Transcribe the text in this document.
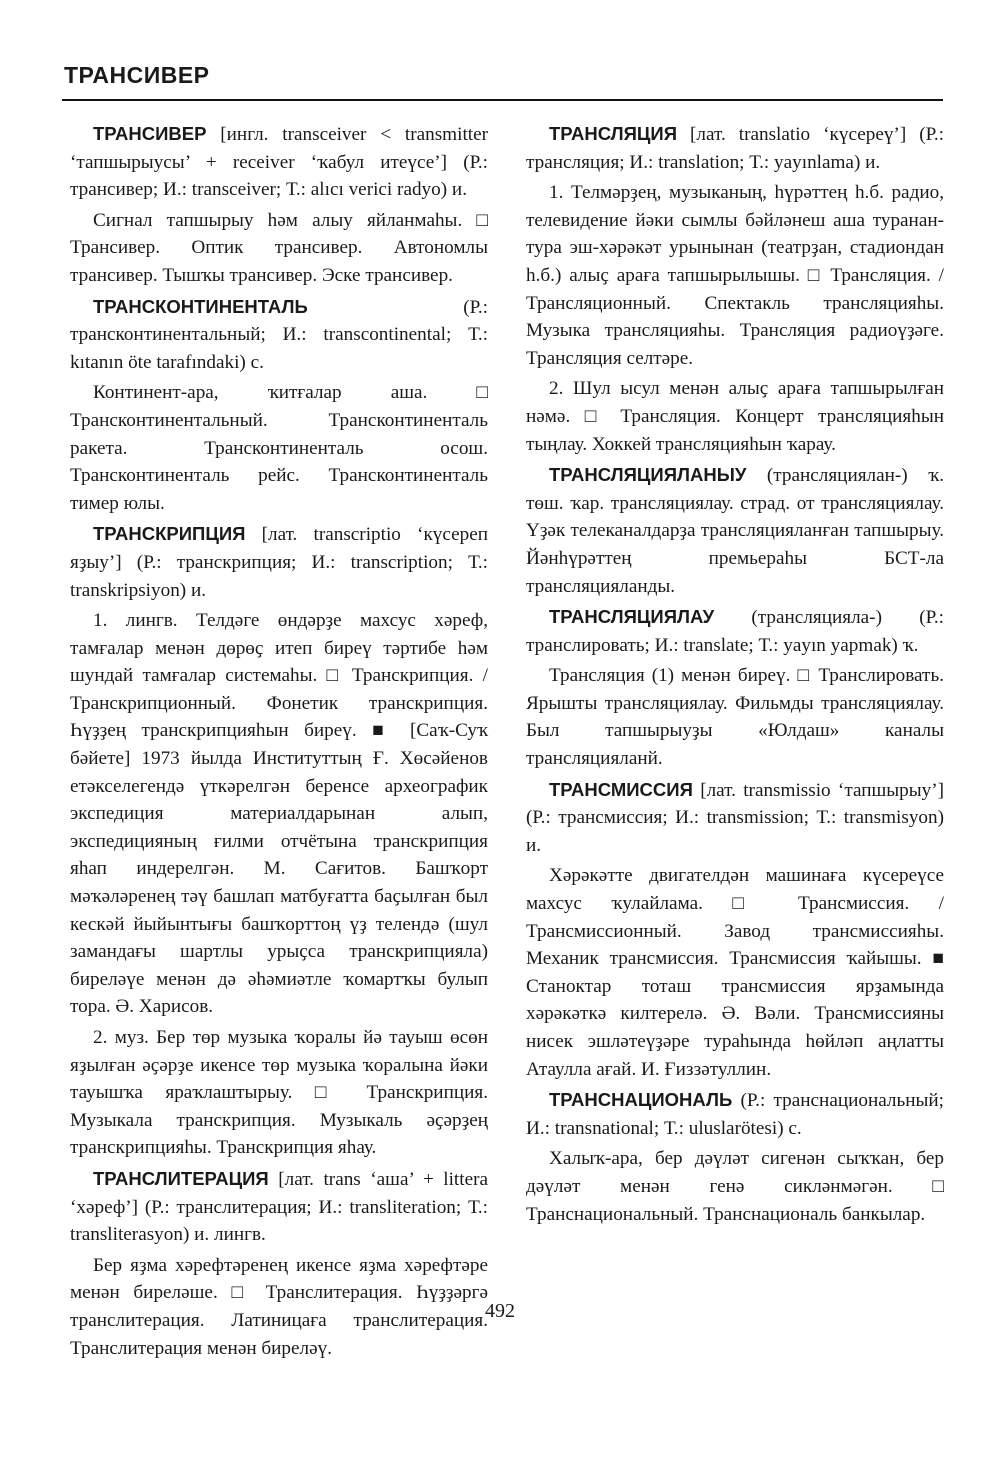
ТРАНСИВЕР

ТРАНСИВЕР [ингл. transceiver < transmitter ‘тапшырыусы’ + receiver ‘ҡабул итеүсе’] (Р.: трансивер; И.: transceiver; Т.: alıcı verici radyo) и.

Сигнал тапшырыу һәм алыу яйланмаһы. □ Трансивер. Оптик трансивер. Автономлы трансивер. Тышҡы трансивер. Эске трансивер.

ТРАНСКОНТИНЕНТАЛЬ	(Р.: трансконтинентальный; И.: transcontinental; Т.: kıtanın öte tarafındaki) с.

Континент-ара, ҡитғалар аша. □ Трансконтинентальный. Трансконтиненталь ракета. Трансконтиненталь осош. Трансконтиненталь рейс. Трансконтиненталь тимер юлы.

ТРАНСКРИПЦИЯ [лат. transcriptio ‘күсереп яҙыу’] (Р.: транскрипция; И.: transcription; Т.: transkripsiyon) и.

1. лингв. Телдәге өндәрҙе махсус хәреф, тамғалар менән дөрөҫ итеп биреү тәртибе һәм шундай тамғалар системаһы. □ Транскрипция. / Транскрипционный. Фонетик транскрипция. Һүҙҙең транскрипцияһын биреү. ■ [Саҡ-Суҡ бәйете] 1973 йылда Институттың Ғ. Хөсәйенов етәкселегендә үткәрелгән беренсе археографик экспедиция материалдарынан алып, экспедицияның ғилми отчётына транскрипция яһап индерелгән. М. Сағитов. Башҡорт мәҡәләренең тәү башлап матбуғатта баҫылған был кескәй йыйынтығы башҡорттоң үҙ телендә (шул замандағы шартлы урыҫса транскрипцияла) биреләүе менән дә әһәмиәтле ҡомартҡы булып тора. Ә. Харисов.

2. муз. Бер төр музыка ҡоралы йә тауыш өсөн яҙылған әҫәрҙе икенсе төр музыка ҡоралына йәки тауышҡа яраҡлаштырыу. □ Транскрипция. Музыкала транскрипция. Музыкаль әҫәрҙең транскрипцияһы. Транскрипция яһау.

ТРАНСЛИТЕРАЦИЯ [лат. trans ‘аша’ + littera ‘хәреф’] (Р.: транслитерация; И.: transliteration; Т.: transliterasyon) и. лингв.

Бер яҙма хәрефтәренең икенсе яҙма хәрефтәре менән биреләше. □ Транслитерация. Һүҙҙәргә транслитерация. Латиницаға транслитерация. Транслитерация менән биреләү.

ТРАНСЛЯЦИЯ [лат. translatio ‘күсереү’] (Р.: трансляция; И.: translation; Т.: yayınlama) и.

1. Телмәрҙең, музыканың, һүрәттең һ.б. радио, телевидение йәки сымлы бәйләнеш аша туранан-тура эш-хәрәкәт урынынан (театрҙан, стадиондан һ.б.) алыҫ араға тапшырылышы. □ Трансляция. / Трансляционный. Спектакль трансляцияһы. Музыка трансляцияһы. Трансляция радиоүҙәге. Трансляция селтәре.

2. Шул ысул менән алыҫ араға тапшырылған нәмә. □ Трансляция. Концерт трансляцияһын тыңлау. Хоккей трансляцияһын ҡарау.

ТРАНСЛЯЦИЯЛАНЫУ (трансляциялан-) ҡ. төш. ҡар. трансляциялау. страд. от трансляциялау. Үҙәк телеканалдарҙа трансляцияланған тапшырыу. Йәнһүрәттең премьераһы БСТ-ла трансляцияланды.

ТРАНСЛЯЦИЯЛАУ (трансляцияла-) (Р.: транслировать; И.: translate; Т.: yayın yapmak) ҡ.

Трансляция (1) менән биреү. □ Транслировать. Ярышты трансляциялау. Фильмды трансляциялау. Был тапшырыуҙы «Юлдаш» каналы трансляцияланй.

ТРАНСМИССИЯ [лат. transmissio ‘тапшырыу’] (Р.: трансмиссия; И.: transmission; Т.: transmisyon) и.

Хәрәкәтте двигателдән машинаға күсереүсе махсус ҡулайлама. □ Трансмиссия. / Трансмиссионный. Завод трансмиссияһы. Механик трансмиссия. Трансмиссия ҡайышы. ■ Станоктар тоташ трансмиссия ярҙамында хәрәкәткә килтерелә. Ә. Вәли. Трансмиссияны нисек эшләтеүҙәре тураһында һөйләп аңлатты Атаулла ағай. И. Ғиззәтуллин.

ТРАНСНАЦИОНАЛЬ (Р.: транснациональный; И.: transnational; Т.: uluslarötesi) с.

Халыҡ-ара, бер дәүләт сигенән сыҡҡан, бер дәүләт менән генә сикләнмәгән. □ Транснациональный. Транснациональ банкылар.

492
